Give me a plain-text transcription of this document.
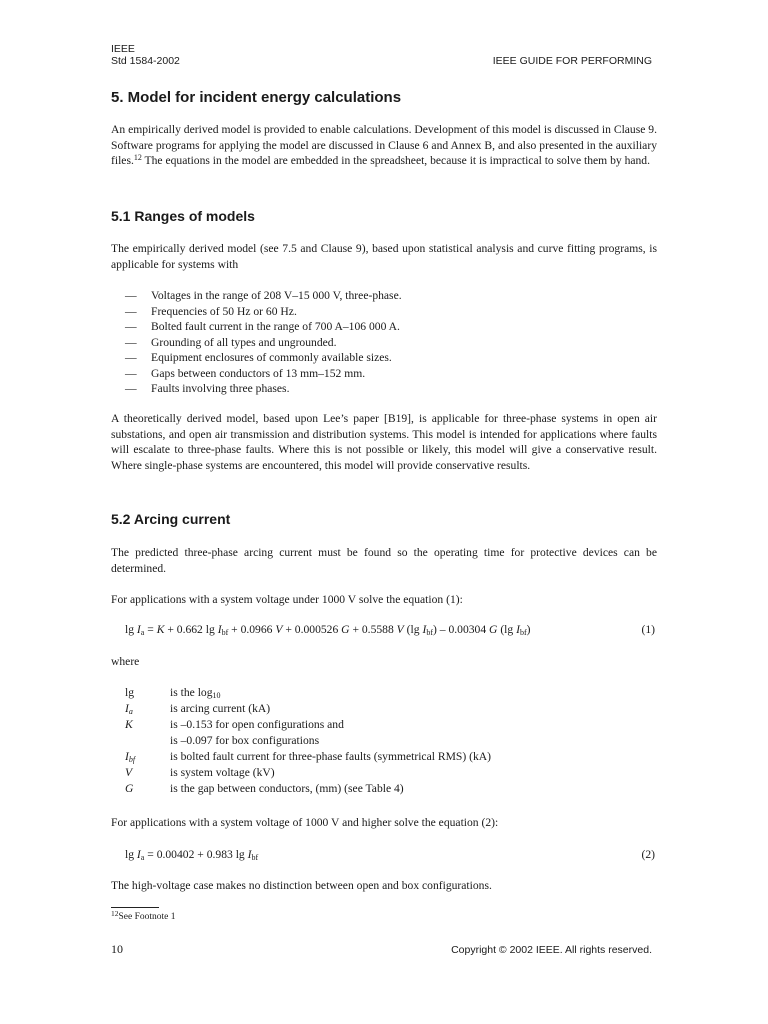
IEEE
Std 1584-2002	IEEE GUIDE FOR PERFORMING
5. Model for incident energy calculations
An empirically derived model is provided to enable calculations. Development of this model is discussed in Clause 9. Software programs for applying the model are discussed in Clause 6 and Annex B, and also presented in the auxiliary files.$^{12}$ The equations in the model are embedded in the spreadsheet, because it is impractical to solve them by hand.
5.1 Ranges of models
The empirically derived model (see 7.5 and Clause 9), based upon statistical analysis and curve fitting programs, is applicable for systems with
— Voltages in the range of 208 V–15 000 V, three-phase.
— Frequencies of 50 Hz or 60 Hz.
— Bolted fault current in the range of 700 A–106 000 A.
— Grounding of all types and ungrounded.
— Equipment enclosures of commonly available sizes.
— Gaps between conductors of 13 mm–152 mm.
— Faults involving three phases.
A theoretically derived model, based upon Lee’s paper [B19], is applicable for three-phase systems in open air substations, and open air transmission and distribution systems. This model is intended for applications where faults will escalate to three-phase faults. Where this is not possible or likely, this model will give a conservative result. Where single-phase systems are encountered, this model will provide conservative results.
5.2 Arcing current
The predicted three-phase arcing current must be found so the operating time for protective devices can be determined.
For applications with a system voltage under 1000 V solve the equation (1):
$\lg I_a = K + 0.662$ $\lg I_{bf} + 0.0966$ V + 0.000526 G + 0.5588 V (lg $I_{bf}) - 0.00304$ G (lg $I_{bf}$)	(1)
where
lg	is the $\log_{10}$
$I_a$	is arcing current (kA)
K	is –0.153 for open configurations and
is –0.097 for box configurations
$I_{bf}$	is bolted fault current for three-phase faults (symmetrical RMS) (kA)
V	is system voltage (kV)
G	is the gap between conductors, (mm) (see Table 4)
For applications with a system voltage of 1000 V and higher solve the equation (2):
$\lg I_a = 0.00402 + 0.983$ $\lg I_{bf}$	(2)
The high-voltage case makes no distinction between open and box configurations.
$^{12}$See Footnote 1
10	Copyright © 2002 IEEE. All rights reserved.
